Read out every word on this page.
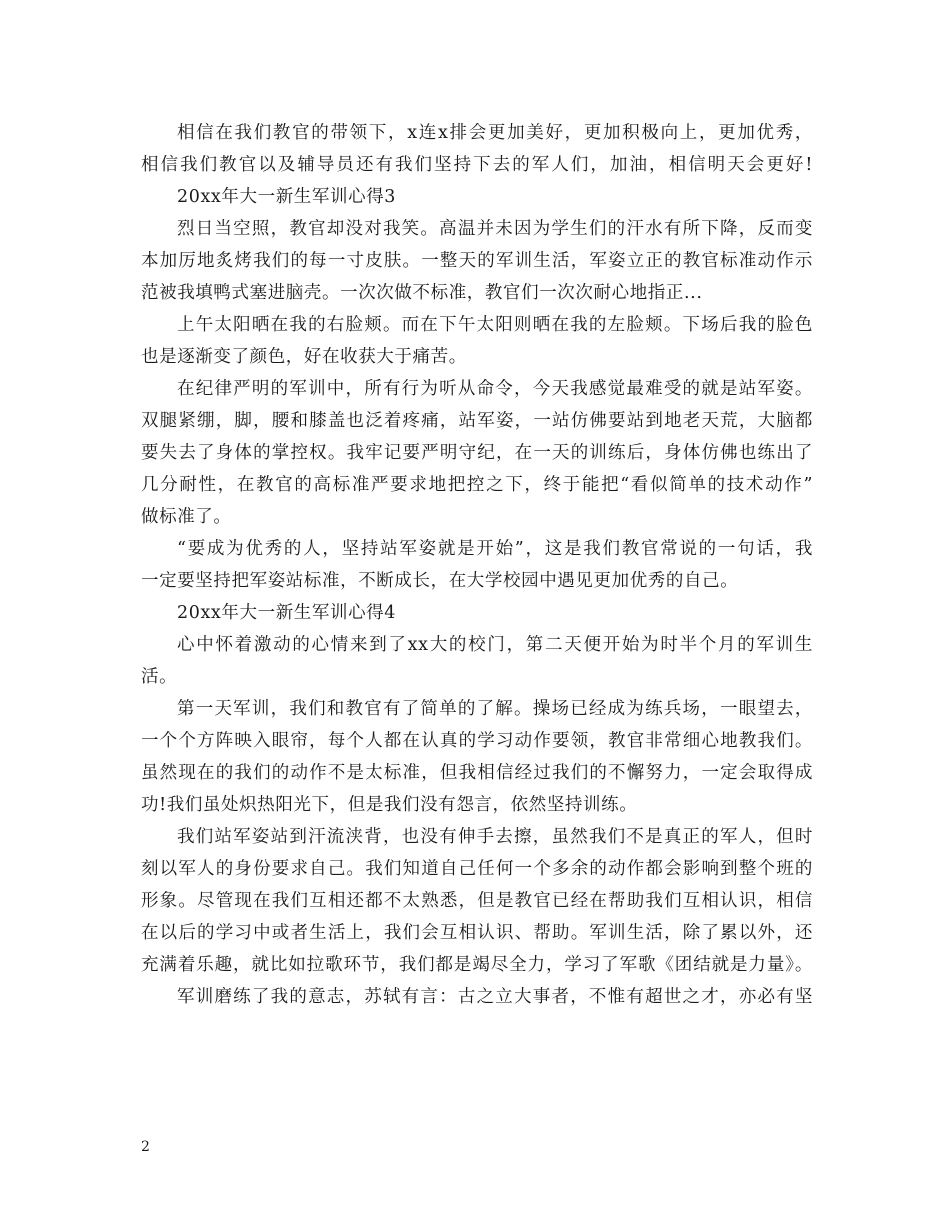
相信在我们教官的带领下，x连x排会更加美好，更加积极向上，更加优秀，
相信我们教官以及辅导员还有我们坚持下去的军人们，加油，相信明天会更好!
20xx年大一新生军训心得3
烈日当空照，教官却没对我笑。高温并未因为学生们的汗水有所下降，反而变
本加厉地炙烤我们的每一寸皮肤。一整天的军训生活，军姿立正的教官标准动作示
范被我填鸭式塞进脑壳。一次次做不标准，教官们一次次耐心地指正...
上午太阳晒在我的右脸颊。而在下午太阳则晒在我的左脸颊。下场后我的脸色
也是逐渐变了颜色，好在收获大于痛苦。
在纪律严明的军训中，所有行为听从命令，今天我感觉最难受的就是站军姿。
双腿紧绷，脚，腰和膝盖也泛着疼痛，站军姿，一站仿佛要站到地老天荒，大脑都
要失去了身体的掌控权。我牢记要严明守纪，在一天的训练后，身体仿佛也练出了
几分耐性，在教官的高标准严要求地把控之下，终于能把“看似简单的技术动作”
做标准了。
“要成为优秀的人，坚持站军姿就是开始”，这是我们教官常说的一句话，我
一定要坚持把军姿站标准，不断成长，在大学校园中遇见更加优秀的自己。
20xx年大一新生军训心得4
心中怀着激动的心情来到了xx大的校门，第二天便开始为时半个月的军训生
活。
第一天军训，我们和教官有了简单的了解。操场已经成为练兵场，一眼望去，
一个个方阵映入眼帘，每个人都在认真的学习动作要领，教官非常细心地教我们。
虽然现在的我们的动作不是太标准，但我相信经过我们的不懈努力，一定会取得成
功!我们虽处炽热阳光下，但是我们没有怨言，依然坚持训练。
我们站军姿站到汗流浃背，也没有伸手去擦，虽然我们不是真正的军人，但时
刻以军人的身份要求自己。我们知道自己任何一个多余的动作都会影响到整个班的
形象。尽管现在我们互相还都不太熟悉，但是教官已经在帮助我们互相认识，相信
在以后的学习中或者生活上，我们会互相认识、帮助。军训生活，除了累以外，还
充满着乐趣，就比如拉歌环节，我们都是竭尽全力，学习了军歌《团结就是力量》。
军训磨练了我的意志，苏轼有言：古之立大事者，不惟有超世之才，亦必有坚
2
